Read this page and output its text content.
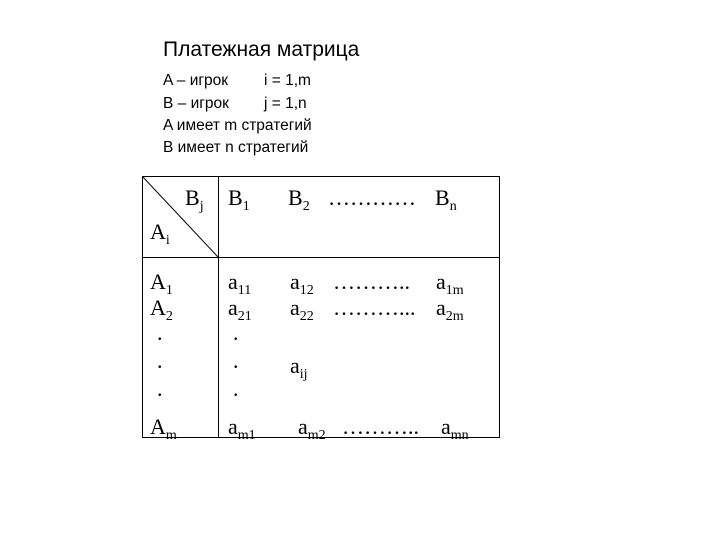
Платежная матрица
A – игрок i = 1,m
B – игрок j = 1,n
A имеет m стратегий
B имеет n стратегий
$B_j$
$A_i$
$B_1$ $B_2$ ………… $B_n$
$A_1$
$A_2$
.
.
.
$A_m$
$a_{11}$
$a_{21}$
.
.
.
$a_{m1}$
$a_{12}$
$a_{22}$
$a_{ij}$
$a_{m2}$
………..
………...
………..
$a_{1m}$
$a_{2m}$
$a_{mn}$
